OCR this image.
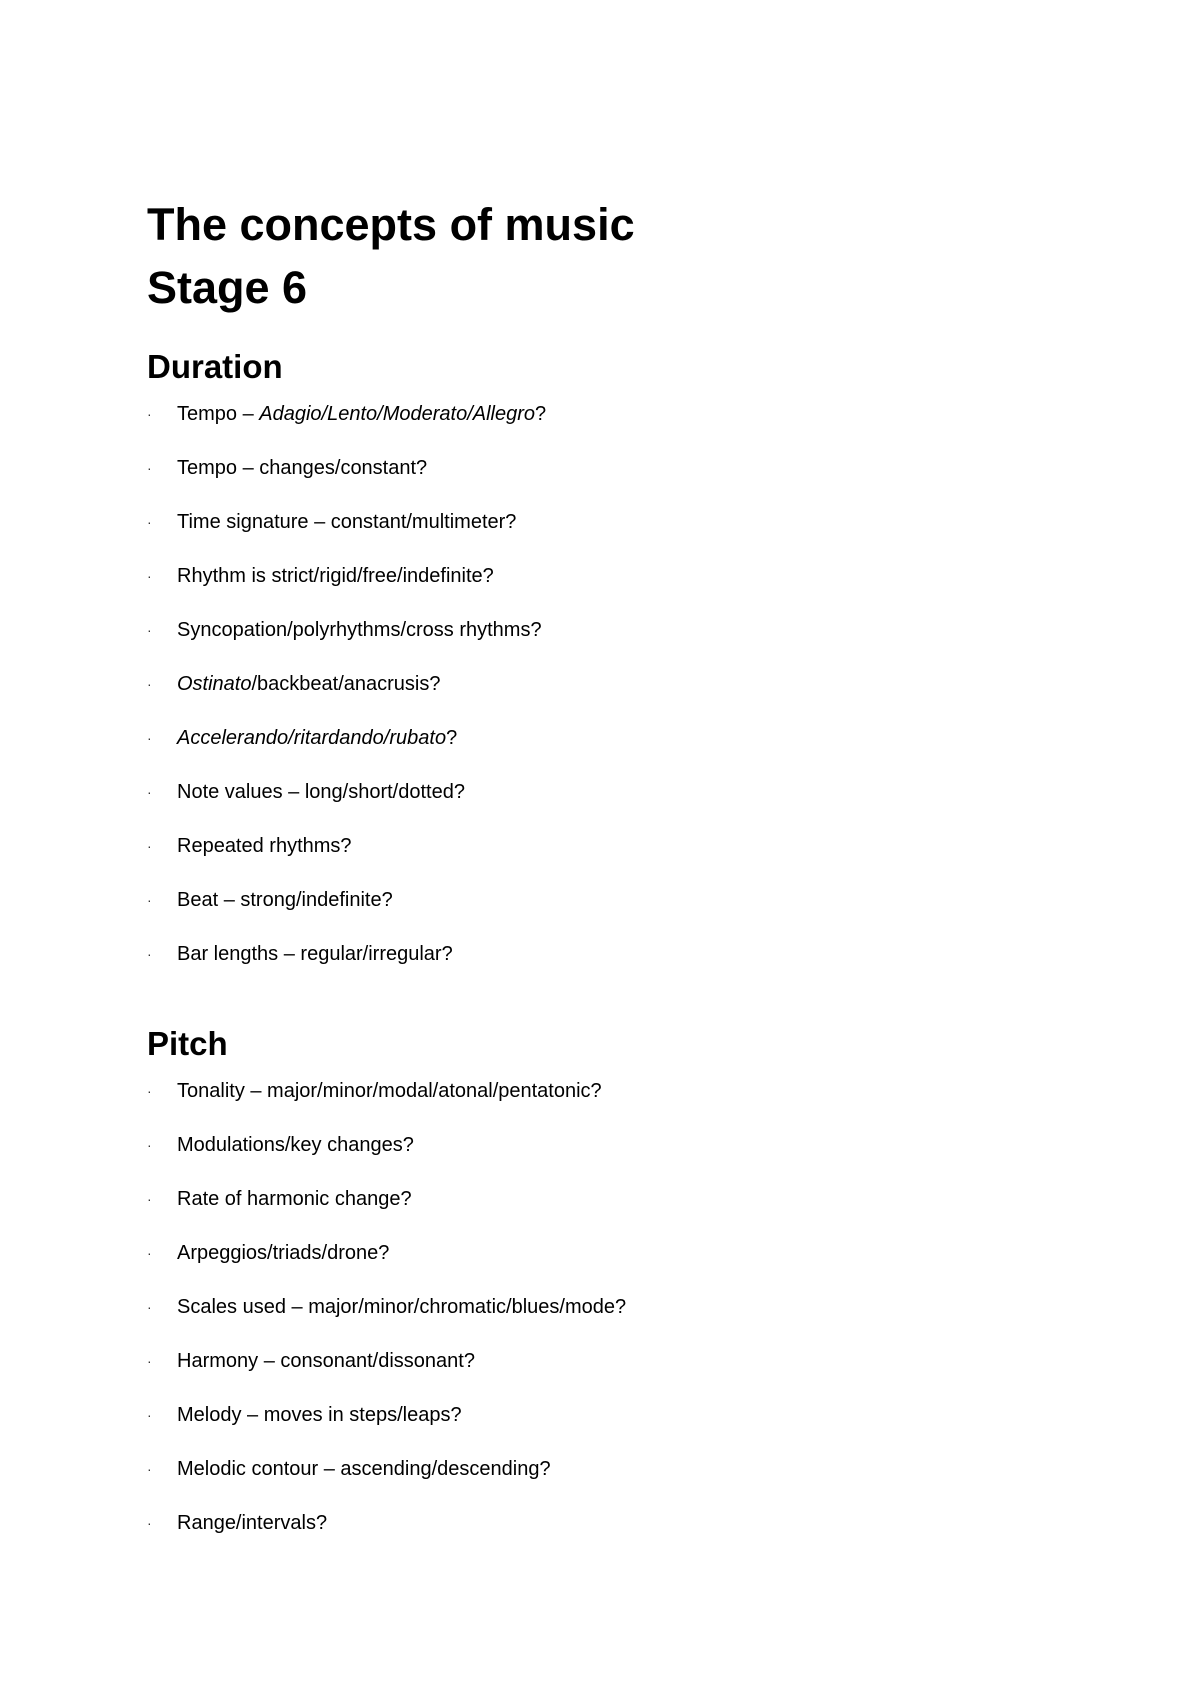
The concepts of music
Stage 6
Duration
· Tempo – Adagio/Lento/Moderato/Allegro?
· Tempo – changes/constant?
· Time signature – constant/multimeter?
· Rhythm is strict/rigid/free/indefinite?
· Syncopation/polyrhythms/cross rhythms?
· Ostinato/backbeat/anacrusis?
· Accelerando/ritardando/rubato?
· Note values – long/short/dotted?
· Repeated rhythms?
· Beat – strong/indefinite?
· Bar lengths – regular/irregular?
Pitch
· Tonality – major/minor/modal/atonal/pentatonic?
· Modulations/key changes?
· Rate of harmonic change?
· Arpeggios/triads/drone?
· Scales used – major/minor/chromatic/blues/mode?
· Harmony – consonant/dissonant?
· Melody – moves in steps/leaps?
· Melodic contour – ascending/descending?
· Range/intervals?
